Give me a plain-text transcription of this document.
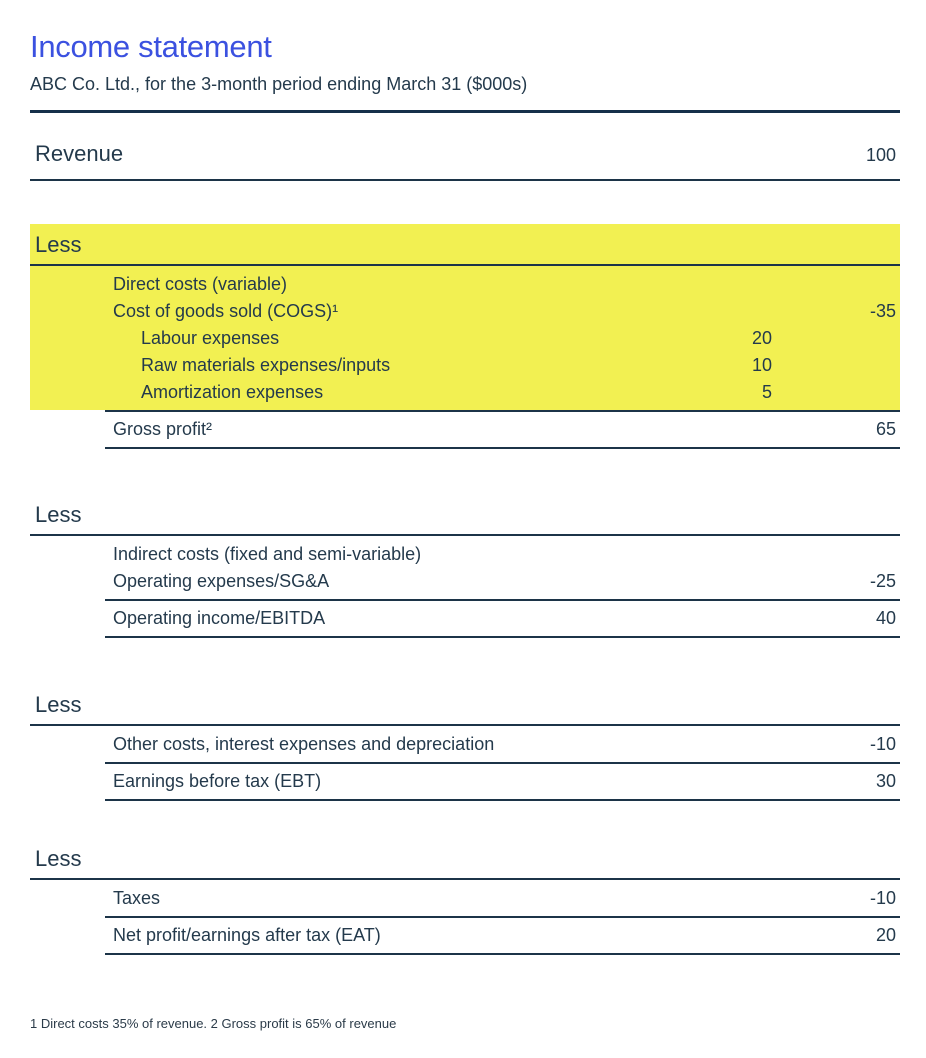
Income statement
ABC Co. Ltd., for the 3-month period ending March 31 ($000s)
Revenue	100
Less
Direct costs (variable)
Cost of goods sold (COGS)¹	-35
Labour expenses	20
Raw materials expenses/inputs	10
Amortization expenses	5
Gross profit²	65
Less
Indirect costs (fixed and semi-variable)
Operating expenses/SG&A	-25
Operating income/EBITDA	40
Less
Other costs, interest expenses and depreciation	-10
Earnings before tax (EBT)	30
Less
Taxes	-10
Net profit/earnings after tax (EAT)	20
1 Direct costs 35% of revenue. 2 Gross profit is 65% of revenue
